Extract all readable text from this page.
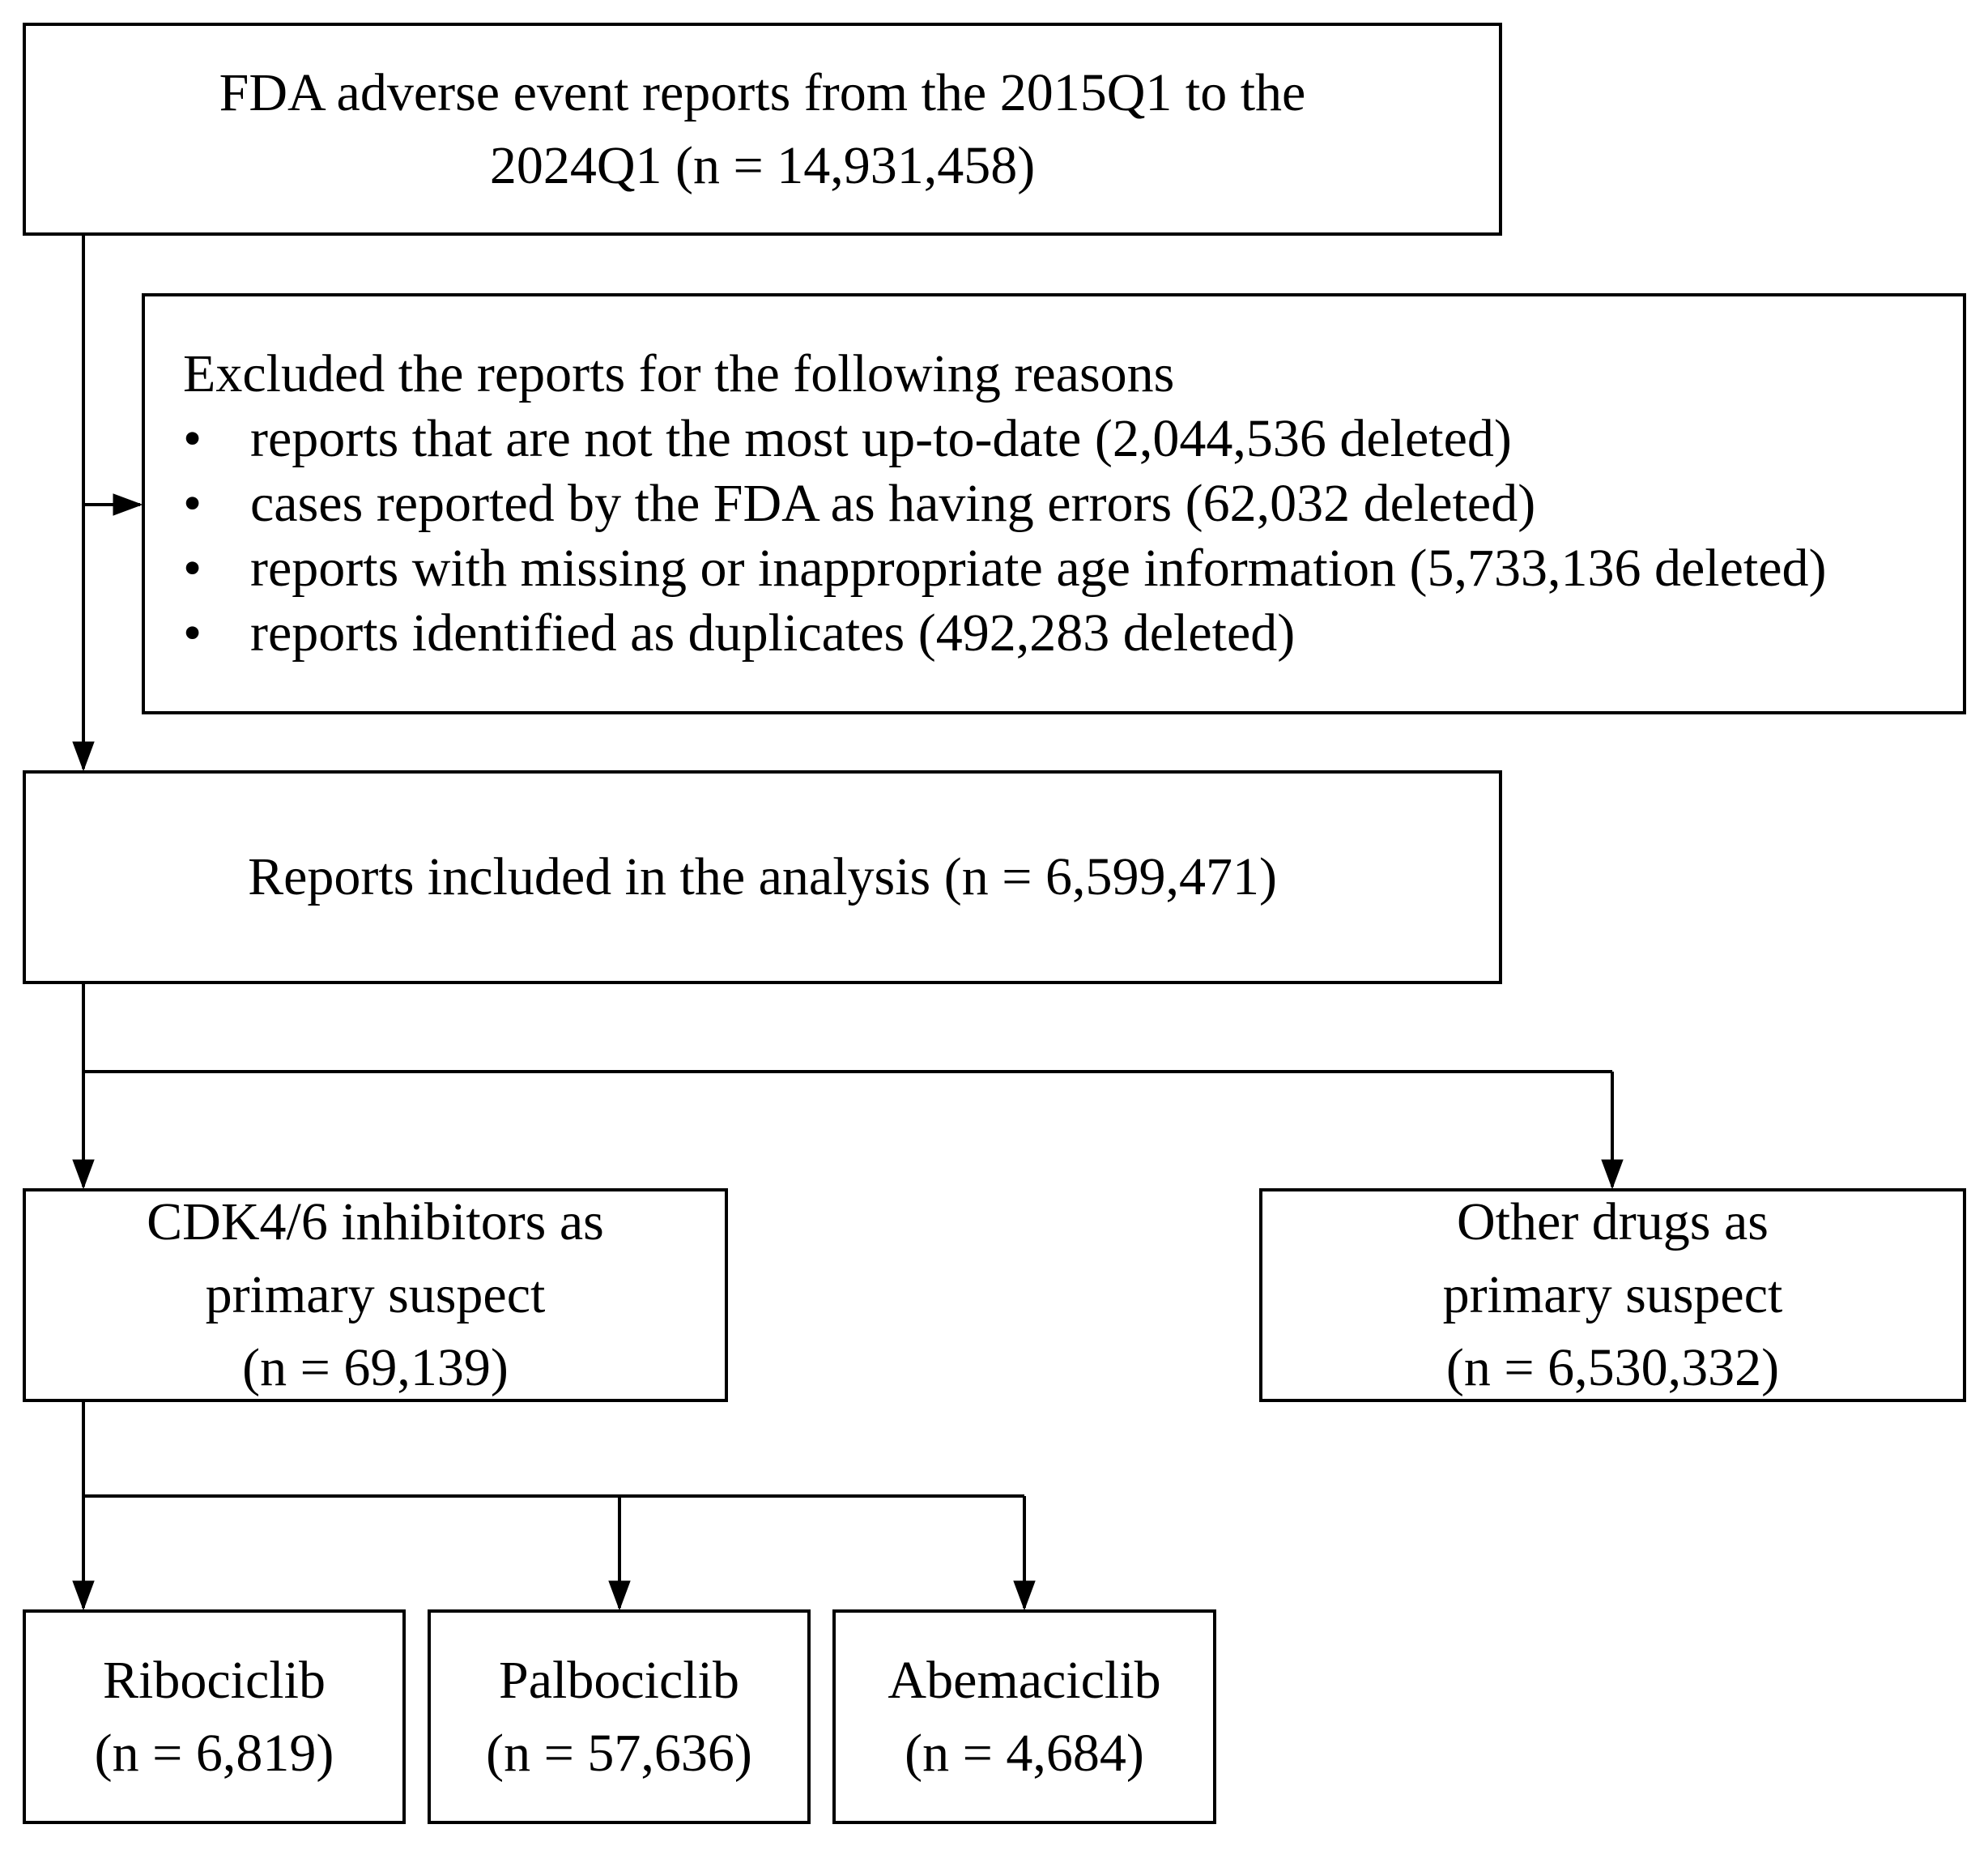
FDA adverse event reports from the 2015Q1 to the
2024Q1 (n = 14,931,458)
Excluded the reports for the following reasons
• reports that are not the most up-to-date (2,044,536 deleted)
• cases reported by the FDA as having errors (62,032 deleted)
• reports with missing or inappropriate age information (5,733,136 deleted)
• reports identified as duplicates (492,283 deleted)
Reports included in the analysis (n = 6,599,471)
CDK4/6 inhibitors as
primary suspect
(n = 69,139)
Other drugs as
primary suspect
(n = 6,530,332)
Ribociclib
(n = 6,819)
Palbociclib
(n = 57,636)
Abemaciclib
(n = 4,684)
